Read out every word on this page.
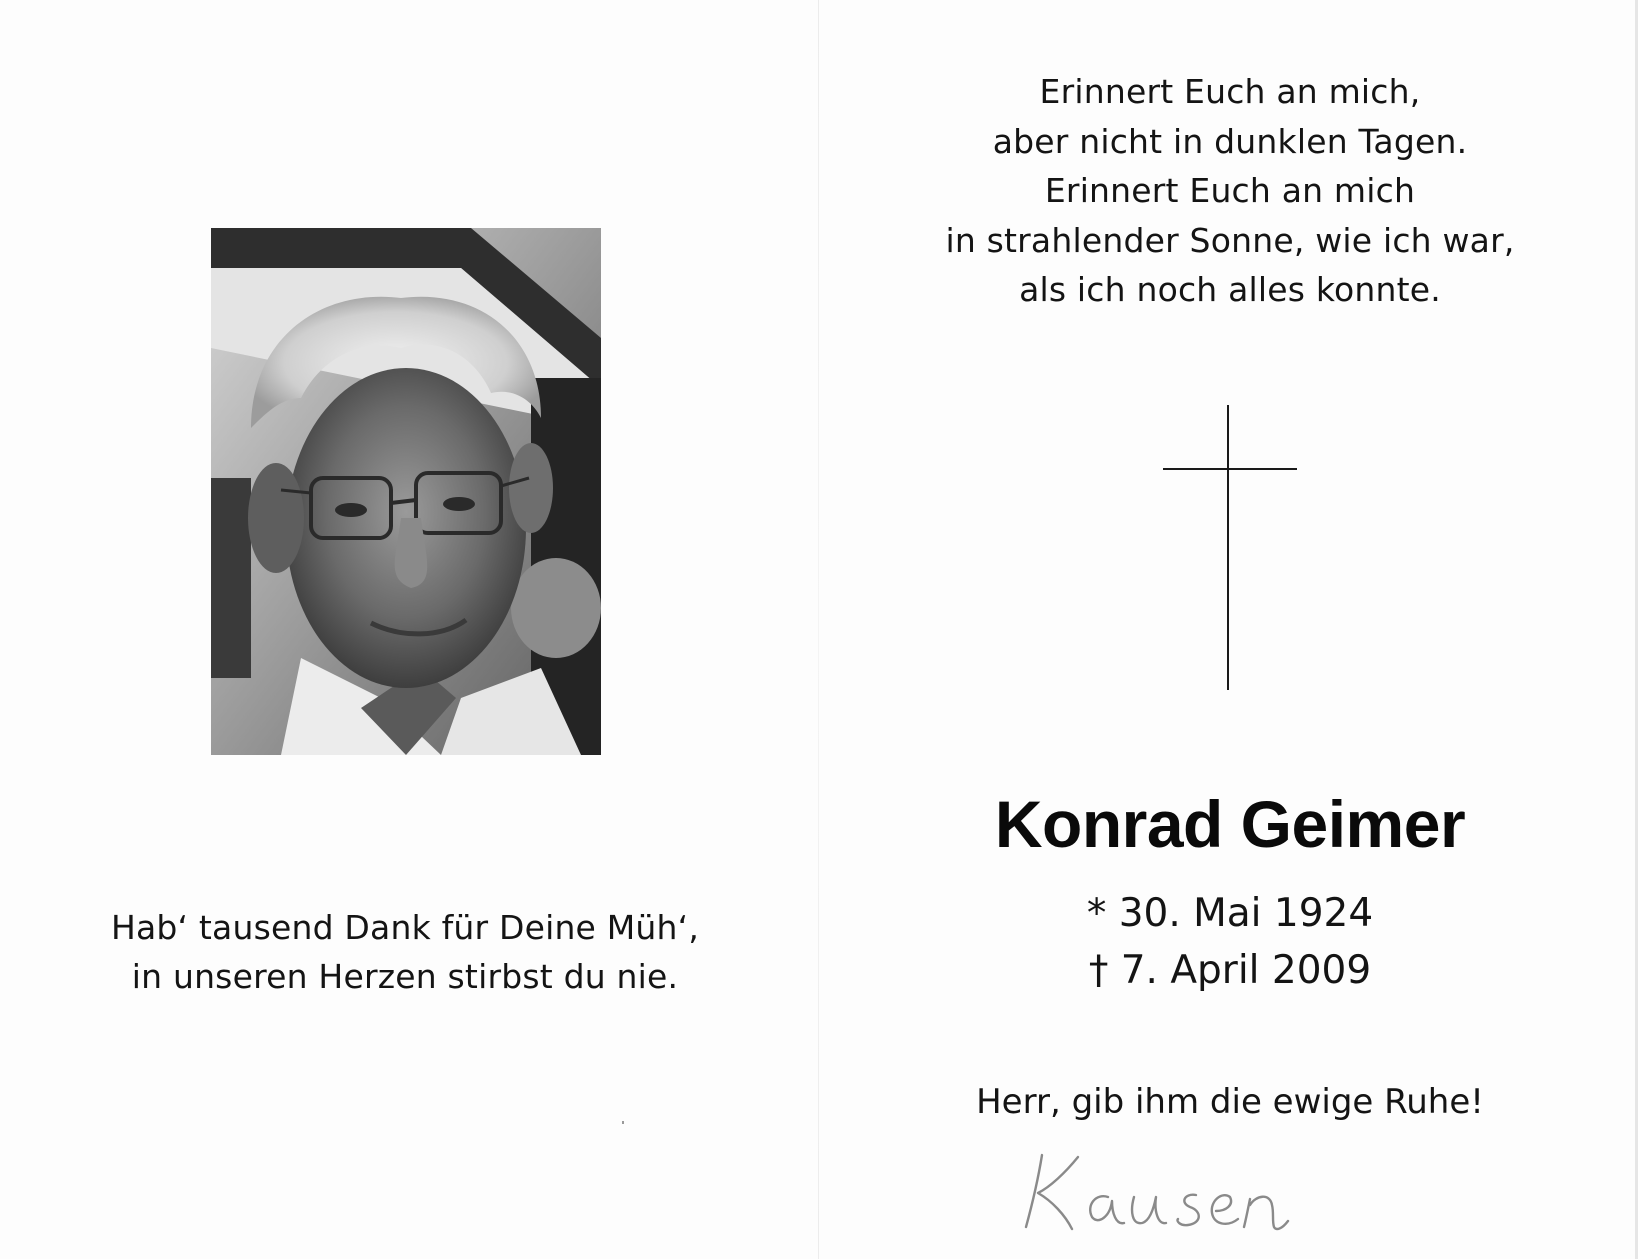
Hab‘ tausend Dank für Deine Müh‘,
in unseren Herzen stirbst du nie.
Erinnert Euch an mich,
aber nicht in dunklen Tagen.
Erinnert Euch an mich
in strahlender Sonne, wie ich war,
als ich noch alles konnte.
Konrad Geimer
* 30. Mai 1924
† 7. April 2009
Herr, gib ihm die ewige Ruhe!
